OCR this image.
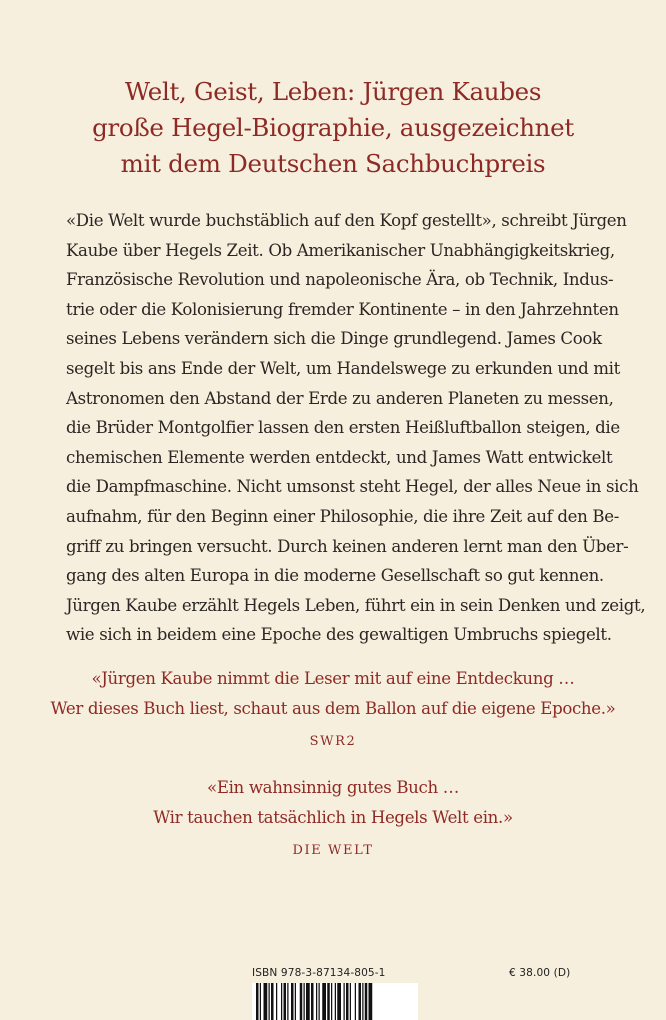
Welt, Geist, Leben: Jürgen Kaubes
große Hegel-Biographie, ausgezeichnet
mit dem Deutschen Sachbuchpreis
«Die Welt wurde buchstäblich auf den Kopf gestellt», schreibt Jürgen
Kaube über Hegels Zeit. Ob Amerikanischer Unabhängigkeitskrieg,
Französische Revolution und napoleonische Ära, ob Technik, Indus-
trie oder die Kolonisierung fremder Kontinente – in den Jahrzehnten
seines Lebens verändern sich die Dinge grundlegend. James Cook
segelt bis ans Ende der Welt, um Handelswege zu erkunden und mit
Astronomen den Abstand der Erde zu anderen Planeten zu messen,
die Brüder Montgolfier lassen den ersten Heißluftballon steigen, die
chemischen Elemente werden entdeckt, und James Watt entwickelt
die Dampfmaschine. Nicht umsonst steht Hegel, der alles Neue in sich
aufnahm, für den Beginn einer Philosophie, die ihre Zeit auf den Be-
griff zu bringen versucht. Durch keinen anderen lernt man den Über-
gang des alten Europa in die moderne Gesellschaft so gut kennen.
Jürgen Kaube erzählt Hegels Leben, führt ein in sein Denken und zeigt,
wie sich in beidem eine Epoche des gewaltigen Umbruchs spiegelt.
«Jürgen Kaube nimmt die Leser mit auf eine Entdeckung …
Wer dieses Buch liest, schaut aus dem Ballon auf die eigene Epoche.»
SWR2
«Ein wahnsinnig gutes Buch …
Wir tauchen tatsächlich in Hegels Welt ein.»
DIE WELT
ISBN 978-3-87134-805-1	€ 38.00 (D)
